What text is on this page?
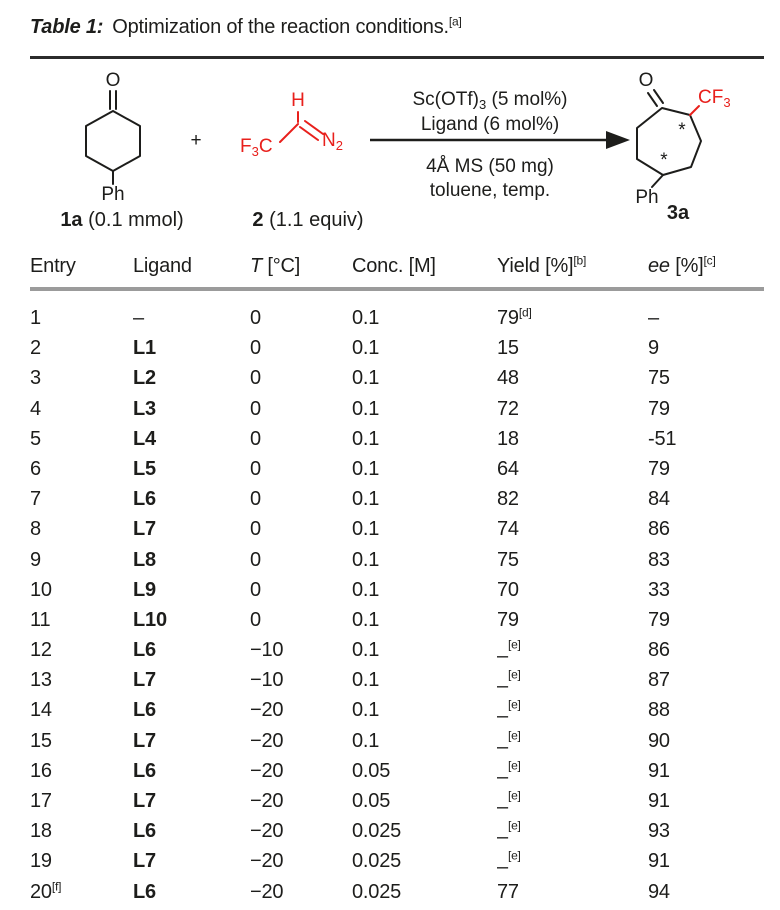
Table 1: Optimization of the reaction conditions.[a]
O
Ph
1a (0.1 mmol)
+ $F_3C$
H
$N_2$
2 (1.1 equiv)
$Sc(OTf)_3$ (5 mol%)
Ligand (6 mol%)
4Å MS (50 mg)
toluene, temp.
O
$CF_3$
*
*
Ph
3a
Entry	Ligand	T [°C]	Conc. [M]	Yield [%][b]	ee [%][c]
1	–	0	0.1	79[d]	–
2	L1	0	0.1	15	9
3	L2	0	0.1	48	75
4	L3	0	0.1	72	79
5	L4	0	0.1	18	-51
6	L5	0	0.1	64	79
7	L6	0	0.1	82	84
8	L7	0	0.1	74	86
9	L8	0	0.1	75	83
10	L9	0	0.1	70	33
11	L10	0	0.1	79	79
12	L6	−10	0.1	–[e]	86
13	L7	−10	0.1	–[e]	87
14	L6	−20	0.1	–[e]	88
15	L7	−20	0.1	–[e]	90
16	L6	−20	0.05	–[e]	91
17	L7	−20	0.05	–[e]	91
18	L6	−20	0.025	–[e]	93
19	L7	−20	0.025	–[e]	91
20[f]	L6	−20	0.025	77	94
